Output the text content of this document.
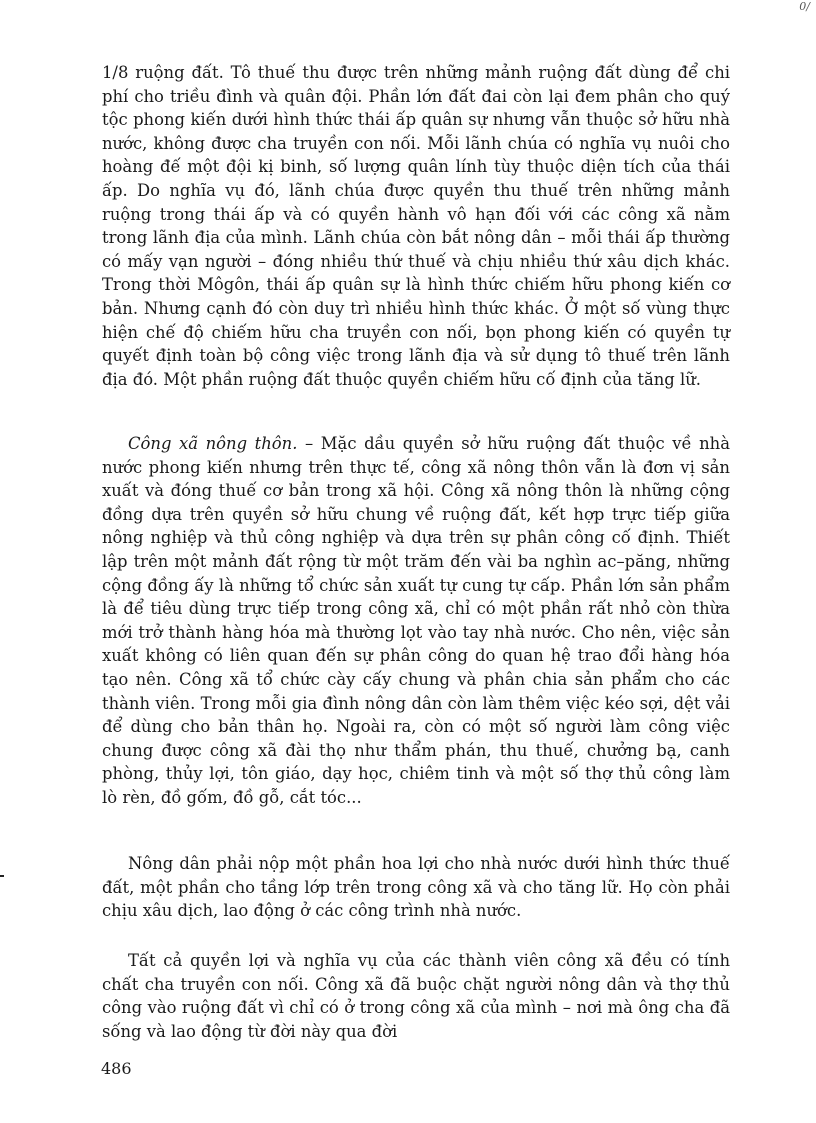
0/

1/8 ruộng đất. Tô thuế thu được trên những mảnh ruộng đất dùng để chi phí cho triều đình và quân đội. Phần lớn đất đai còn lại đem phân cho quý tộc phong kiến dưới hình thức thái ấp quân sự nhưng vẫn thuộc sở hữu nhà nước, không được cha truyền con nối. Mỗi lãnh chúa có nghĩa vụ nuôi cho hoàng đế một đội kị binh, số lượng quân lính tùy thuộc diện tích của thái ấp. Do nghĩa vụ đó, lãnh chúa được quyền thu thuế trên những mảnh ruộng trong thái ấp và có quyền hành vô hạn đối với các công xã nằm trong lãnh địa của mình. Lãnh chúa còn bắt nông dân – mỗi thái ấp thường có mấy vạn người – đóng nhiều thứ thuế và chịu nhiều thứ xâu dịch khác. Trong thời Môgôn, thái ấp quân sự là hình thức chiếm hữu phong kiến cơ bản. Nhưng cạnh đó còn duy trì nhiều hình thức khác. Ở một số vùng thực hiện chế độ chiếm hữu cha truyền con nối, bọn phong kiến có quyền tự quyết định toàn bộ công việc trong lãnh địa và sử dụng tô thuế trên lãnh địa đó. Một phần ruộng đất thuộc quyền chiếm hữu cố định của tăng lữ.

Công xã nông thôn. – Mặc dầu quyền sở hữu ruộng đất thuộc về nhà nước phong kiến nhưng trên thực tế, công xã nông thôn vẫn là đơn vị sản xuất và đóng thuế cơ bản trong xã hội. Công xã nông thôn là những cộng đồng dựa trên quyền sở hữu chung về ruộng đất, kết hợp trực tiếp giữa nông nghiệp và thủ công nghiệp và dựa trên sự phân công cố định. Thiết lập trên một mảnh đất rộng từ một trăm đến vài ba nghìn ac–păng, những cộng đồng ấy là những tổ chức sản xuất tự cung tự cấp. Phần lớn sản phẩm là để tiêu dùng trực tiếp trong công xã, chỉ có một phần rất nhỏ còn thừa mới trở thành hàng hóa mà thường lọt vào tay nhà nước. Cho nên, việc sản xuất không có liên quan đến sự phân công do quan hệ trao đổi hàng hóa tạo nên. Công xã tổ chức cày cấy chung và phân chia sản phẩm cho các thành viên. Trong mỗi gia đình nông dân còn làm thêm việc kéo sợi, dệt vải để dùng cho bản thân họ. Ngoài ra, còn có một số người làm công việc chung được công xã đài thọ như thẩm phán, thu thuế, chưởng bạ, canh phòng, thủy lợi, tôn giáo, dạy học, chiêm tinh và một số thợ thủ công làm lò rèn, đồ gốm, đồ gỗ, cắt tóc...

Nông dân phải nộp một phần hoa lợi cho nhà nước dưới hình thức thuế đất, một phần cho tầng lớp trên trong công xã và cho tăng lữ. Họ còn phải chịu xâu dịch, lao động ở các công trình nhà nước.

Tất cả quyền lợi và nghĩa vụ của các thành viên công xã đều có tính chất cha truyền con nối. Công xã đã buộc chặt người nông dân và thợ thủ công vào ruộng đất vì chỉ có ở trong công xã của mình – nơi mà ông cha đã sống và lao động từ đời này qua đời

486
